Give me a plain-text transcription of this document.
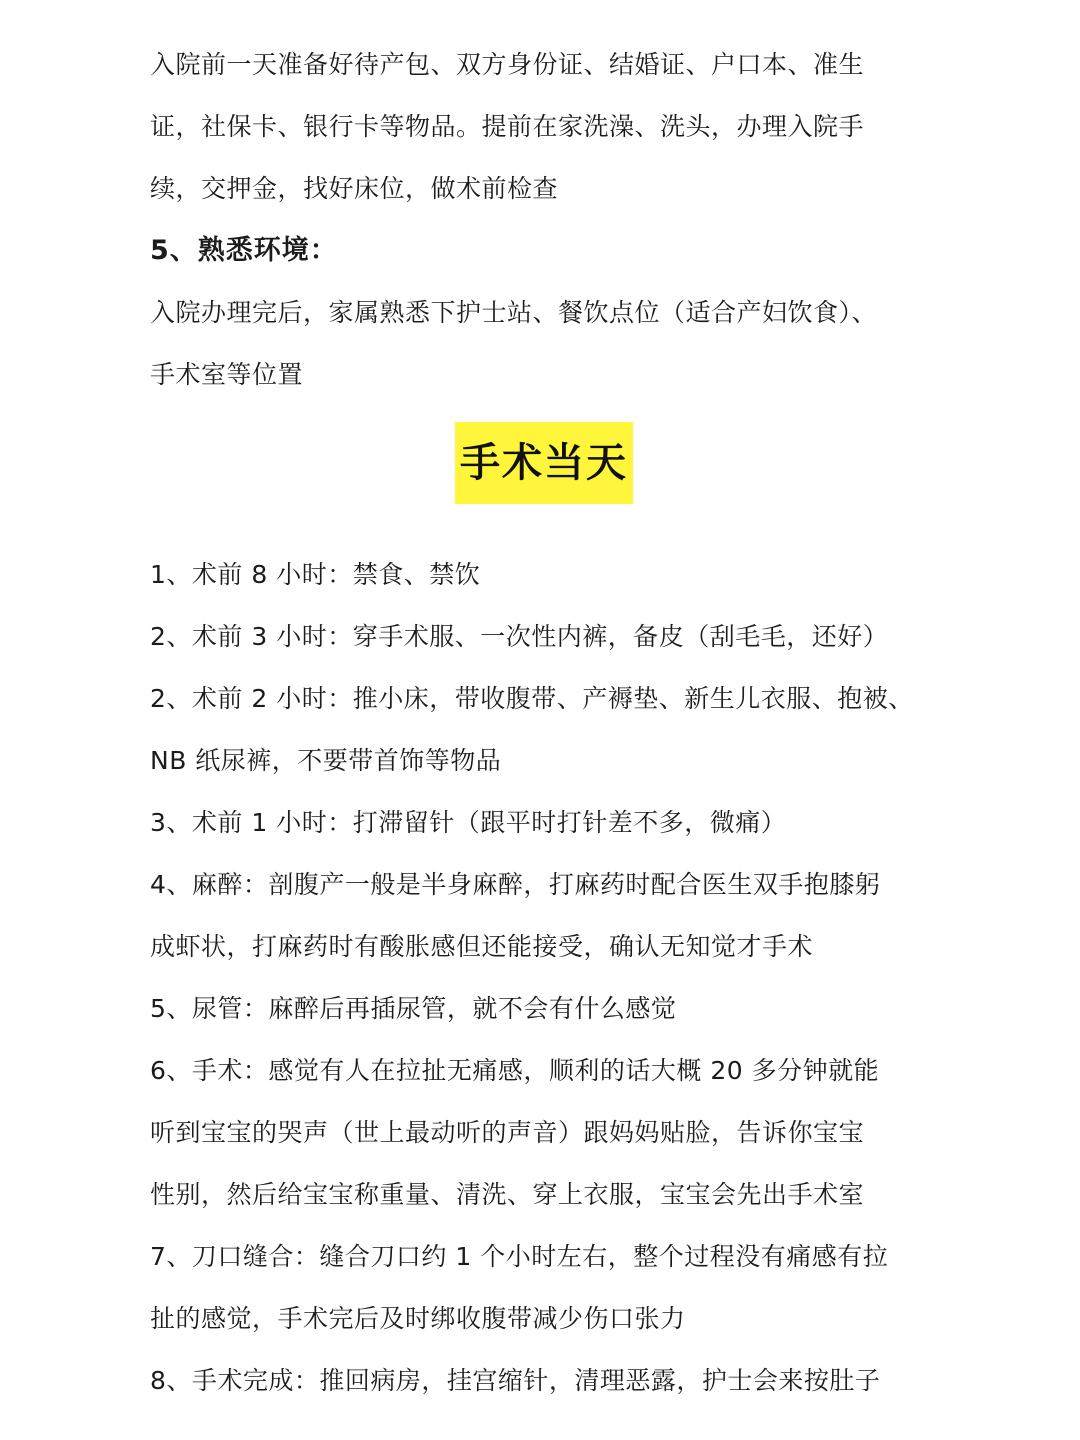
入院前一天准备好待产包、双方身份证、结婚证、户口本、准生
证，社保卡、银行卡等物品。提前在家洗澡、洗头，办理入院手
续，交押金，找好床位，做术前检查
5、熟悉环境：
入院办理完后，家属熟悉下护士站、餐饮点位（适合产妇饮食）、
手术室等位置
手术当天
1、术前 8 小时：禁食、禁饮
2、术前 3 小时：穿手术服、一次性内裤，备皮（刮毛毛，还好）
2、术前 2 小时：推小床，带收腹带、产褥垫、新生儿衣服、抱被、
NB 纸尿裤，不要带首饰等物品
3、术前 1 小时：打滞留针（跟平时打针差不多，微痛）
4、麻醉：剖腹产一般是半身麻醉，打麻药时配合医生双手抱膝躬
成虾状，打麻药时有酸胀感但还能接受，确认无知觉才手术
5、尿管：麻醉后再插尿管，就不会有什么感觉
6、手术：感觉有人在拉扯无痛感，顺利的话大概 20 多分钟就能
听到宝宝的哭声（世上最动听的声音）跟妈妈贴脸，告诉你宝宝
性别，然后给宝宝称重量、清洗、穿上衣服，宝宝会先出手术室
7、刀口缝合：缝合刀口约 1 个小时左右，整个过程没有痛感有拉
扯的感觉，手术完后及时绑收腹带减少伤口张力
8、手术完成：推回病房，挂宫缩针，清理恶露，护士会来按肚子
